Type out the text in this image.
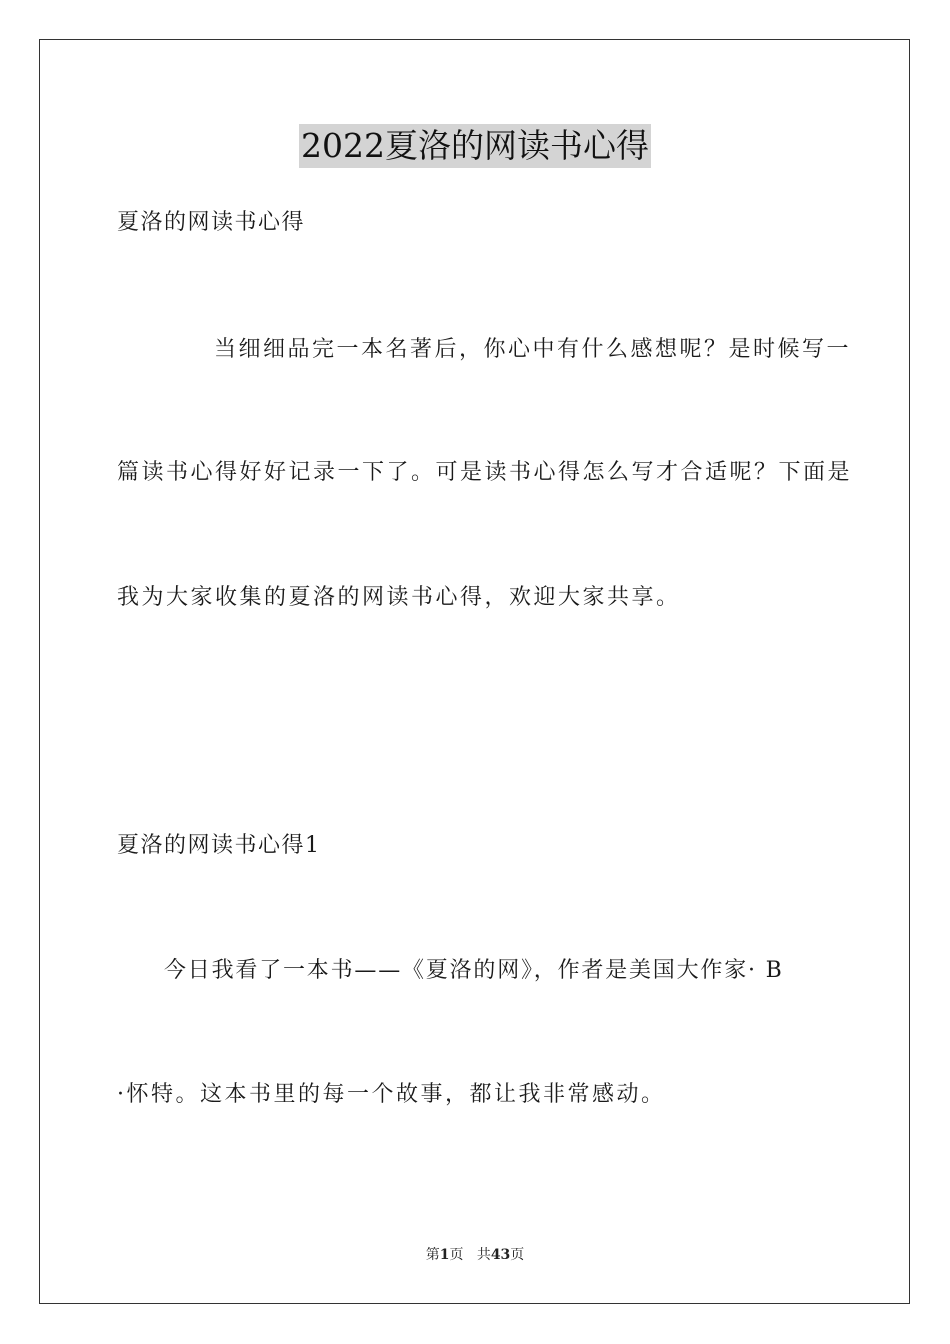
2022夏洛的网读书心得
夏洛的网读书心得
当细细品完一本名著后，你心中有什么感想呢？是时候写一
篇读书心得好好记录一下了。可是读书心得怎么写才合适呢？下面是
我为大家收集的夏洛的网读书心得，欢迎大家共享。
夏洛的网读书心得1
今日我看了一本书——《夏洛的网》，作者是美国大作家· B
·怀特。这本书里的每一个故事，都让我非常感动。
第1页 共43页
